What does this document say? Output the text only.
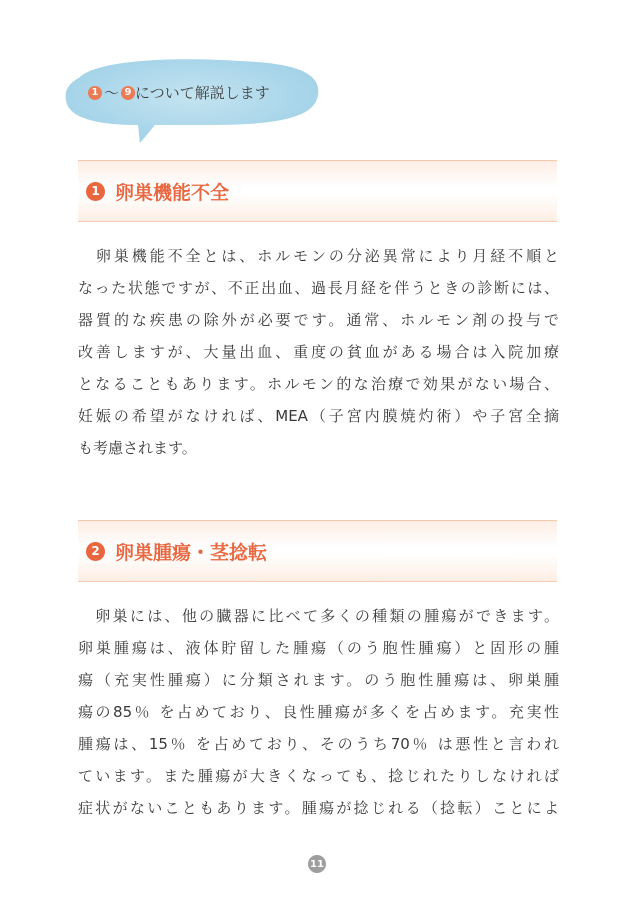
1 〜 9 について解説します
1 卵巣機能不全
　卵巣機能不全とは、ホルモンの分泌異常により月経不順と
なった状態ですが、不正出血、過長月経を伴うときの診断には、
器質的な疾患の除外が必要です。通常、ホルモン剤の投与で
改善しますが、大量出血、重度の貧血がある場合は入院加療
となることもあります。ホルモン的な治療で効果がない場合、
妊娠の希望がなければ、MEA（子宮内膜焼灼術）や子宮全摘
も考慮されます。
2 卵巣腫瘍・茎捻転
　卵巣には、他の臓器に比べて多くの種類の腫瘍ができます。
卵巣腫瘍は、液体貯留した腫瘍（のう胞性腫瘍）と固形の腫
瘍（充実性腫瘍）に分類されます。のう胞性腫瘍は、卵巣腫
瘍の85％ を占めており、良性腫瘍が多くを占めます。充実性
腫瘍は、15％ を占めており、そのうち70％ は悪性と言われ
ています。また腫瘍が大きくなっても、捻じれたりしなければ
症状がないこともあります。腫瘍が捻じれる（捻転）ことによ
11
